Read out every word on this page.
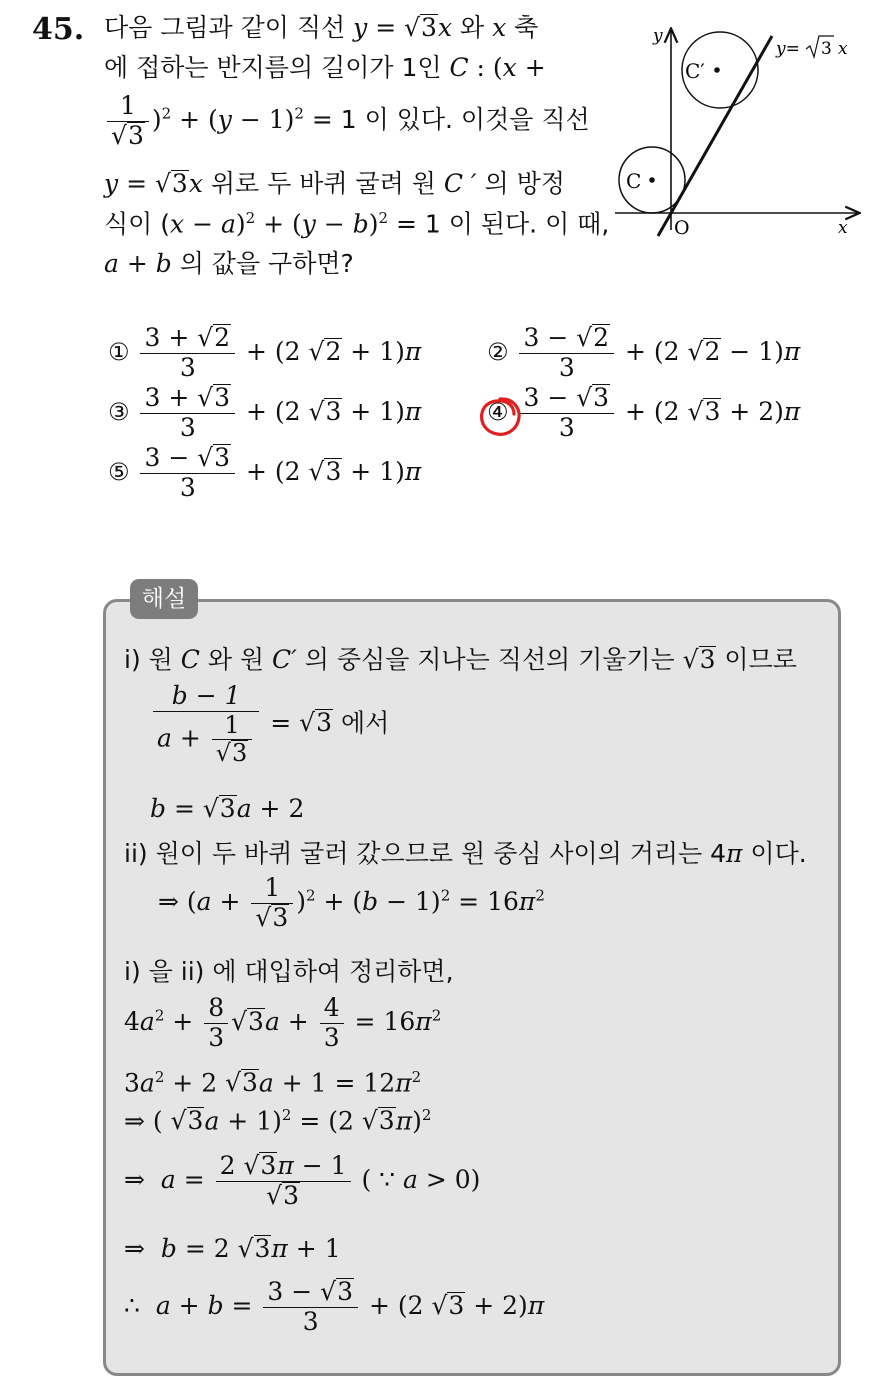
45. 다음 그림과 같이 직선 y = √3x 와 x 축
에 접하는 반지름의 길이가 1인 C : (x +
$\frac{1}{√3} )^2 + (y - 1)^2 = 1$ 이 있다. 이것을 직선
y = √3x 위로 두 바퀴 굴려 원 C ′ 의 방정
식이 $(x - a)^2 + (y - b)^2 = 1$ 이 된다. 이 때,
a + b 의 값을 구하면?
y
x
O
C
C′
y= 3 x
① $\frac{3 + √2}{3} + (2$ √2 + 1)π	② $\frac{3 - √2}{3} + (2$ √2 − 1)π
③ $\frac{3 + √3}{3} + (2$ √3 + 1)π	④ $\frac{3 - √3}{3} + (2$ √3 + 2)π
⑤ $\frac{3 - √3}{3} + (2$ √3 + 1)π
해설
i) 원 C 와 원 C′ 의 중심을 지나는 직선의 기울기는 √3 이므로
$\frac{b - 1}{a + \frac{1}{√3}} = √3$ 에서
b = √3a + 2
ii) 원이 두 바퀴 굴러 갔으므로 원 중심 사이의 거리는 4π 이다.
⇒ $(a + \frac{1}{√3} )^2 + (b - 1)^2 = 16\pi^2$
i) 을 ii) 에 대입하여 정리하면,
$4a^2 + \frac{8}{3} √3a + \frac{4}{3} = 16\pi^2$
$3a^2 + 2$ $√3a + 1 = 12\pi^2$
⇒ ( √3a + 1)$^2$ = (2 √3π)$^2$
⇒ $a = \frac{2 √3\pi - 1}{√3}$ ( ∵ a > 0)
⇒ b = 2 √3π + 1
∴ $a + b = \frac{3 - √3}{3} + (2$ √3 + 2)π
